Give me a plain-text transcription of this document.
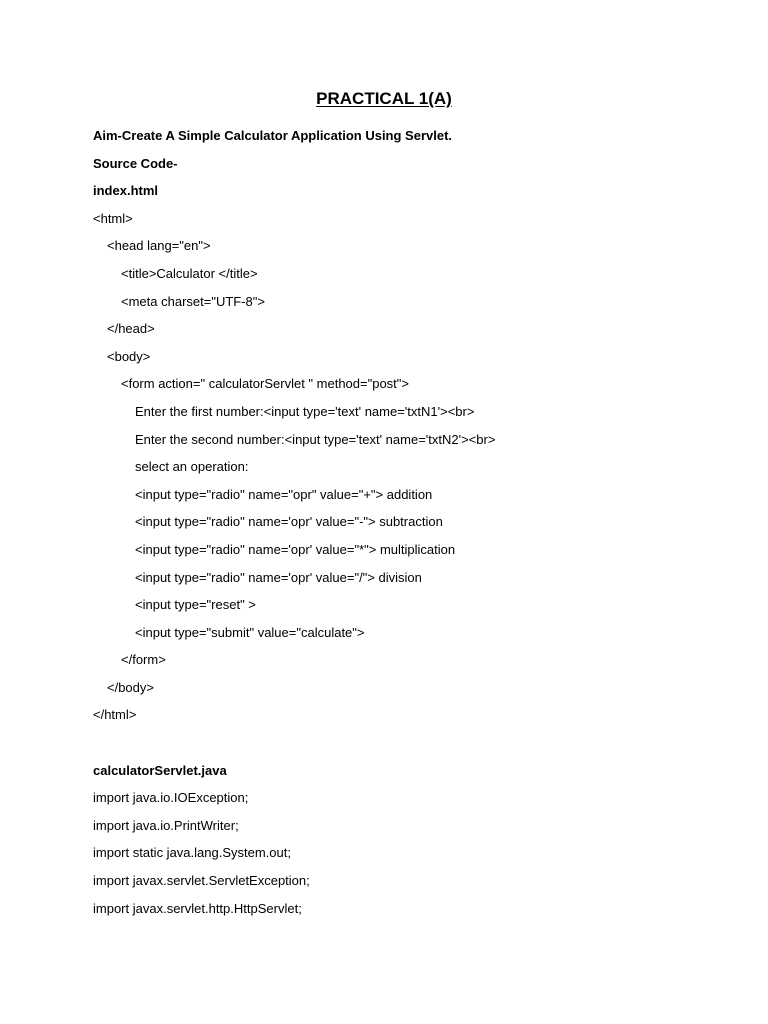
PRACTICAL 1(A)
Aim-Create A Simple Calculator Application Using Servlet.
Source Code-
index.html
<html>
<head lang="en">
<title>Calculator </title>
<meta charset="UTF-8">
</head>
<body>
<form action=" calculatorServlet " method="post">
Enter the first number:<input type='text' name='txtN1'><br>
Enter the second number:<input type='text' name='txtN2'><br>
select an operation:
<input type="radio" name="opr" value="+"> addition
<input type="radio" name='opr' value="-"> subtraction
<input type="radio" name='opr' value="*"> multiplication
<input type="radio" name='opr' value="/"> division
<input type="reset" >
<input type="submit" value="calculate">
</form>
</body>
</html>
calculatorServlet.java
import java.io.IOException;
import java.io.PrintWriter;
import static java.lang.System.out;
import javax.servlet.ServletException;
import javax.servlet.http.HttpServlet;
